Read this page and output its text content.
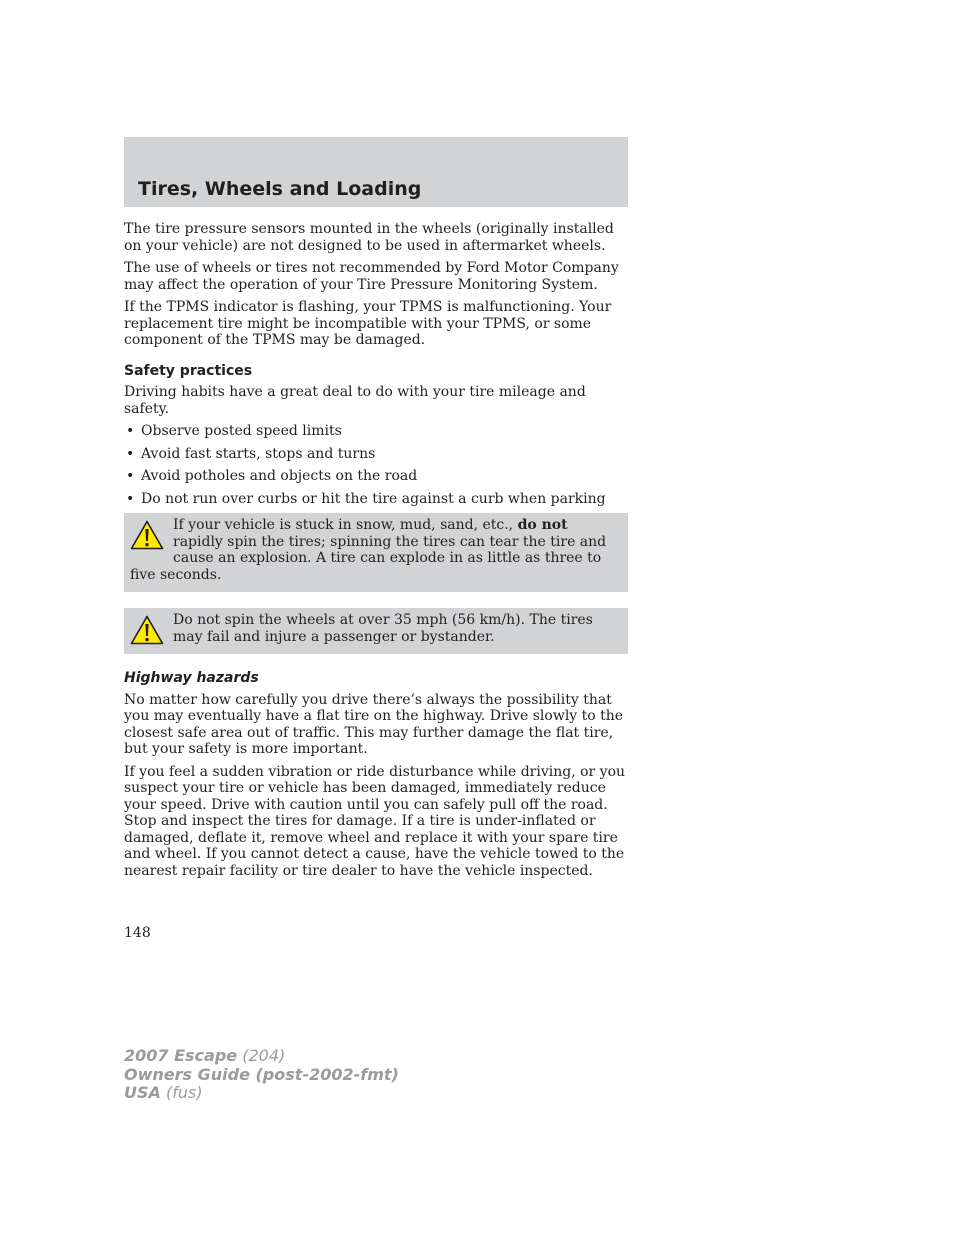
Tires, Wheels and Loading

The tire pressure sensors mounted in the wheels (originally installed on your vehicle) are not designed to be used in aftermarket wheels.

The use of wheels or tires not recommended by Ford Motor Company may affect the operation of your Tire Pressure Monitoring System.

If the TPMS indicator is flashing, your TPMS is malfunctioning. Your replacement tire might be incompatible with your TPMS, or some component of the TPMS may be damaged.

Safety practices

Driving habits have a great deal to do with your tire mileage and safety.

• Observe posted speed limits
• Avoid fast starts, stops and turns
• Avoid potholes and objects on the road
• Do not run over curbs or hit the tire against a curb when parking
If your vehicle is stuck in snow, mud, sand, etc., do not rapidly spin the tires; spinning the tires can tear the tire and cause an explosion. A tire can explode in as little as three to five seconds.
Do not spin the wheels at over 35 mph (56 km/h). The tires may fail and injure a passenger or bystander.
Highway hazards

No matter how carefully you drive there’s always the possibility that you may eventually have a flat tire on the highway. Drive slowly to the closest safe area out of traffic. This may further damage the flat tire, but your safety is more important.

If you feel a sudden vibration or ride disturbance while driving, or you suspect your tire or vehicle has been damaged, immediately reduce your speed. Drive with caution until you can safely pull off the road. Stop and inspect the tires for damage. If a tire is under-inflated or damaged, deflate it, remove wheel and replace it with your spare tire and wheel. If you cannot detect a cause, have the vehicle towed to the nearest repair facility or tire dealer to have the vehicle inspected.

148
2007 Escape (204)
Owners Guide (post-2002-fmt)
USA (fus)
